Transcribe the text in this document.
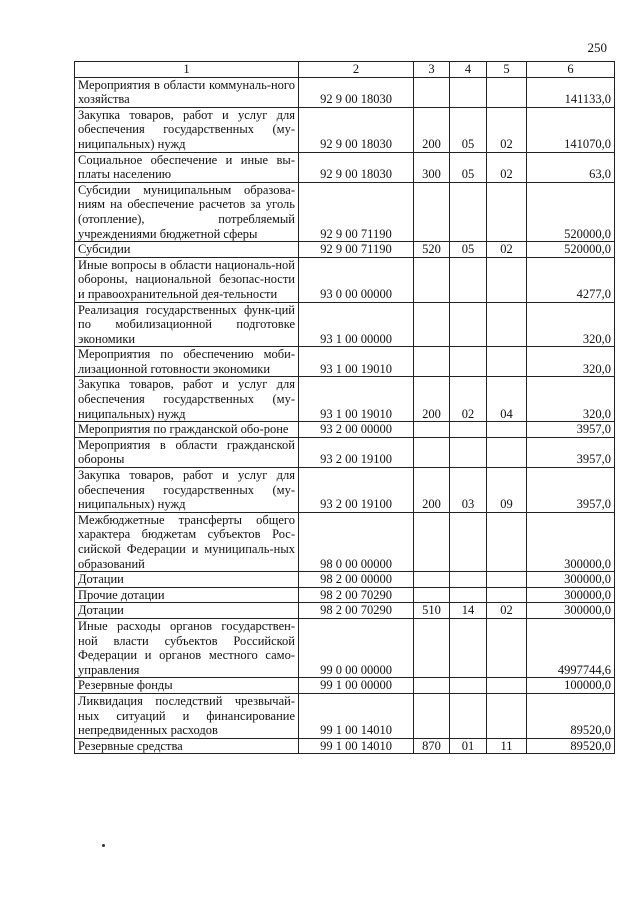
250
1	2	3	4	5	6
Мероприятия в области коммуналь-ного хозяйства	92 9 00 18030				141133,0
Закупка товаров, работ и услуг для обеспечения государственных (му-ниципальных) нужд	92 9 00 18030	200	05	02	141070,0
Социальное обеспечение и иные вы-платы населению	92 9 00 18030	300	05	02	63,0
Субсидии муниципальным образова-ниям на обеспечение расчетов за уголь (отопление), потребляемый учреждениями бюджетной сферы	92 9 00 71190				520000,0
Субсидии	92 9 00 71190	520	05	02	520000,0
Иные вопросы в области националь-ной обороны, национальной безопас-ности и правоохранительной дея-тельности	93 0 00 00000				4277,0
Реализация государственных функ-ций по мобилизационной подготовке экономики	93 1 00 00000				320,0
Мероприятия по обеспечению моби-лизационной готовности экономики	93 1 00 19010				320,0
Закупка товаров, работ и услуг для обеспечения государственных (му-ниципальных) нужд	93 1 00 19010	200	02	04	320,0
Мероприятия по гражданской обо-роне	93 2 00 00000				3957,0
Мероприятия в области гражданской обороны	93 2 00 19100				3957,0
Закупка товаров, работ и услуг для обеспечения государственных (му-ниципальных) нужд	93 2 00 19100	200	03	09	3957,0
Межбюджетные трансферты общего характера бюджетам субъектов Рос-сийской Федерации и муниципаль-ных образований	98 0 00 00000				300000,0
Дотации	98 2 00 00000				300000,0
Прочие дотации	98 2 00 70290				300000,0
Дотации	98 2 00 70290	510	14	02	300000,0
Иные расходы органов государствен-ной власти субъектов Российской Федерации и органов местного само-управления	99 0 00 00000				4997744,6
Резервные фонды	99 1 00 00000				100000,0
Ликвидация последствий чрезвычай-ных ситуаций и финансирование непредвиденных расходов	99 1 00 14010				89520,0
Резервные средства	99 1 00 14010	870	01	11	89520,0
